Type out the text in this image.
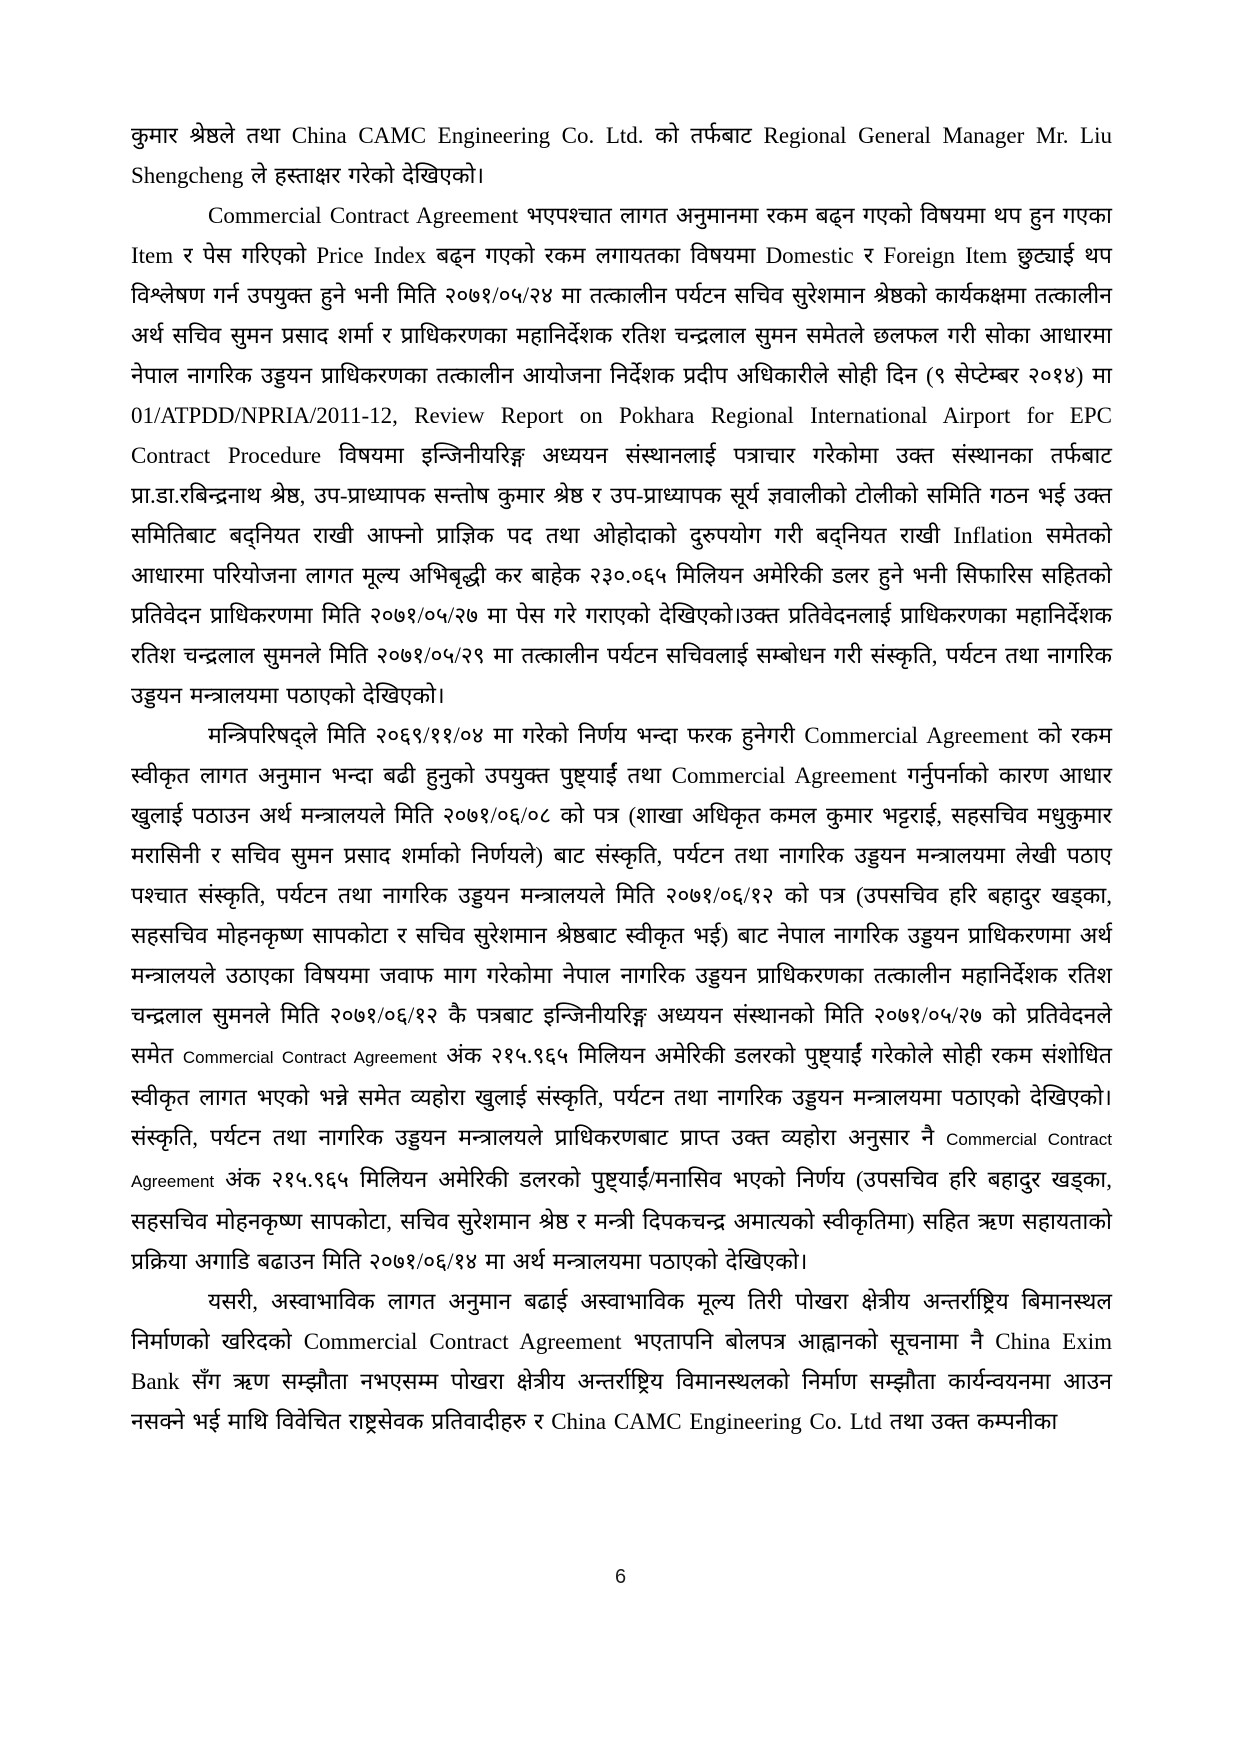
कुमार श्रेष्ठले तथा China CAMC Engineering Co. Ltd. को तर्फबाट Regional General Manager Mr. Liu Shengcheng ले हस्ताक्षर गरेको देखिएको।

Commercial Contract Agreement भएपश्चात लागत अनुमानमा रकम बढ्न गएको विषयमा थप हुन गएका Item र पेस गरिएको Price Index बढ्न गएको रकम लगायतका विषयमा Domestic र Foreign Item छुट्याई थप विश्लेषण गर्न उपयुक्त हुने भनी मिति २०७१/०५/२४ मा तत्कालीन पर्यटन सचिव सुरेशमान श्रेष्ठको कार्यकक्षमा तत्कालीन अर्थ सचिव सुमन प्रसाद शर्मा र प्राधिकरणका महानिर्देशक रतिश चन्द्रलाल सुमन समेतले छलफल गरी सोका आधारमा नेपाल नागरिक उड्डयन प्राधिकरणका तत्कालीन आयोजना निर्देशक प्रदीप अधिकारीले सोही दिन (९ सेप्टेम्बर २०१४) मा 01/ATPDD/NPRIA/2011-12, Review Report on Pokhara Regional International Airport for EPC Contract Procedure विषयमा इन्जिनीयरिङ्ग अध्ययन संस्थानलाई पत्राचार गरेकोमा उक्त संस्थानका तर्फबाट प्रा.डा.रबिन्द्रनाथ श्रेष्ठ, उप-प्राध्यापक सन्तोष कुमार श्रेष्ठ र उप-प्राध्यापक सूर्य ज्ञवालीको टोलीको समिति गठन भई उक्त समितिबाट बद्नियत राखी आफ्नो प्राज्ञिक पद तथा ओहोदाको दुरुपयोग गरी बद्नियत राखी Inflation समेतको आधारमा परियोजना लागत मूल्य अभिबृद्धी कर बाहेक २३०.०६५ मिलियन अमेरिकी डलर हुने भनी सिफारिस सहितको प्रतिवेदन प्राधिकरणमा मिति २०७१/०५/२७ मा पेस गरे गराएको देखिएको।उक्त प्रतिवेदनलाई प्राधिकरणका महानिर्देशक रतिश चन्द्रलाल सुमनले मिति २०७१/०५/२९ मा तत्कालीन पर्यटन सचिवलाई सम्बोधन गरी संस्कृति, पर्यटन तथा नागरिक उड्डयन मन्त्रालयमा पठाएको देखिएको।

मन्त्रिपरिषद्ले मिति २०६९/११/०४ मा गरेको निर्णय भन्दा फरक हुनेगरी Commercial Agreement को रकम स्वीकृत लागत अनुमान भन्दा बढी हुनुको उपयुक्त पुष्ट्याईं तथा Commercial Agreement गर्नुपर्नाको कारण आधार खुलाई पठाउन अर्थ मन्त्रालयले मिति २०७१/०६/०८ को पत्र (शाखा अधिकृत कमल कुमार भट्टराई, सहसचिव मधुकुमार मरासिनी र सचिव सुमन प्रसाद शर्माको निर्णयले) बाट संस्कृति, पर्यटन तथा नागरिक उड्डयन मन्त्रालयमा लेखी पठाए पश्चात संस्कृति, पर्यटन तथा नागरिक उड्डयन मन्त्रालयले मिति २०७१/०६/१२ को पत्र (उपसचिव हरि बहादुर खड्का, सहसचिव मोहनकृष्ण सापकोटा र सचिव सुरेशमान श्रेष्ठबाट स्वीकृत भई) बाट नेपाल नागरिक उड्डयन प्राधिकरणमा अर्थ मन्त्रालयले उठाएका विषयमा जवाफ माग गरेकोमा नेपाल नागरिक उड्डयन प्राधिकरणका तत्कालीन महानिर्देशक रतिश चन्द्रलाल सुमनले मिति २०७१/०६/१२ कै पत्रबाट इन्जिनीयरिङ्ग अध्ययन संस्थानको मिति २०७१/०५/२७ को प्रतिवेदनले समेत Commercial Contract Agreement अंक २१५.९६५ मिलियन अमेरिकी डलरको पुष्ट्याईं गरेकोले सोही रकम संशोधित स्वीकृत लागत भएको भन्ने समेत व्यहोरा खुलाई संस्कृति, पर्यटन तथा नागरिक उड्डयन मन्त्रालयमा पठाएको देखिएको। संस्कृति, पर्यटन तथा नागरिक उड्डयन मन्त्रालयले प्राधिकरणबाट प्राप्त उक्त व्यहोरा अनुसार नै Commercial Contract Agreement अंक २१५.९६५ मिलियन अमेरिकी डलरको पुष्ट्याईं/मनासिव भएको निर्णय (उपसचिव हरि बहादुर खड्का, सहसचिव मोहनकृष्ण सापकोटा, सचिव सुरेशमान श्रेष्ठ र मन्त्री दिपकचन्द्र अमात्यको स्वीकृतिमा) सहित ऋण सहायताको प्रक्रिया अगाडि बढाउन मिति २०७१/०६/१४ मा अर्थ मन्त्रालयमा पठाएको देखिएको।

यसरी, अस्वाभाविक लागत अनुमान बढाई अस्वाभाविक मूल्य तिरी पोखरा क्षेत्रीय अन्तर्राष्ट्रिय बिमानस्थल निर्माणको खरिदको Commercial Contract Agreement भएतापनि बोलपत्र आह्वानको सूचनामा नै China Exim Bank सँग ऋण सम्झौता नभएसम्म पोखरा क्षेत्रीय अन्तर्राष्ट्रिय विमानस्थलको निर्माण सम्झौता कार्यन्वयनमा आउन नसक्ने भई माथि विवेचित राष्ट्रसेवक प्रतिवादीहरु र China CAMC Engineering Co. Ltd तथा उक्त कम्पनीका

6
